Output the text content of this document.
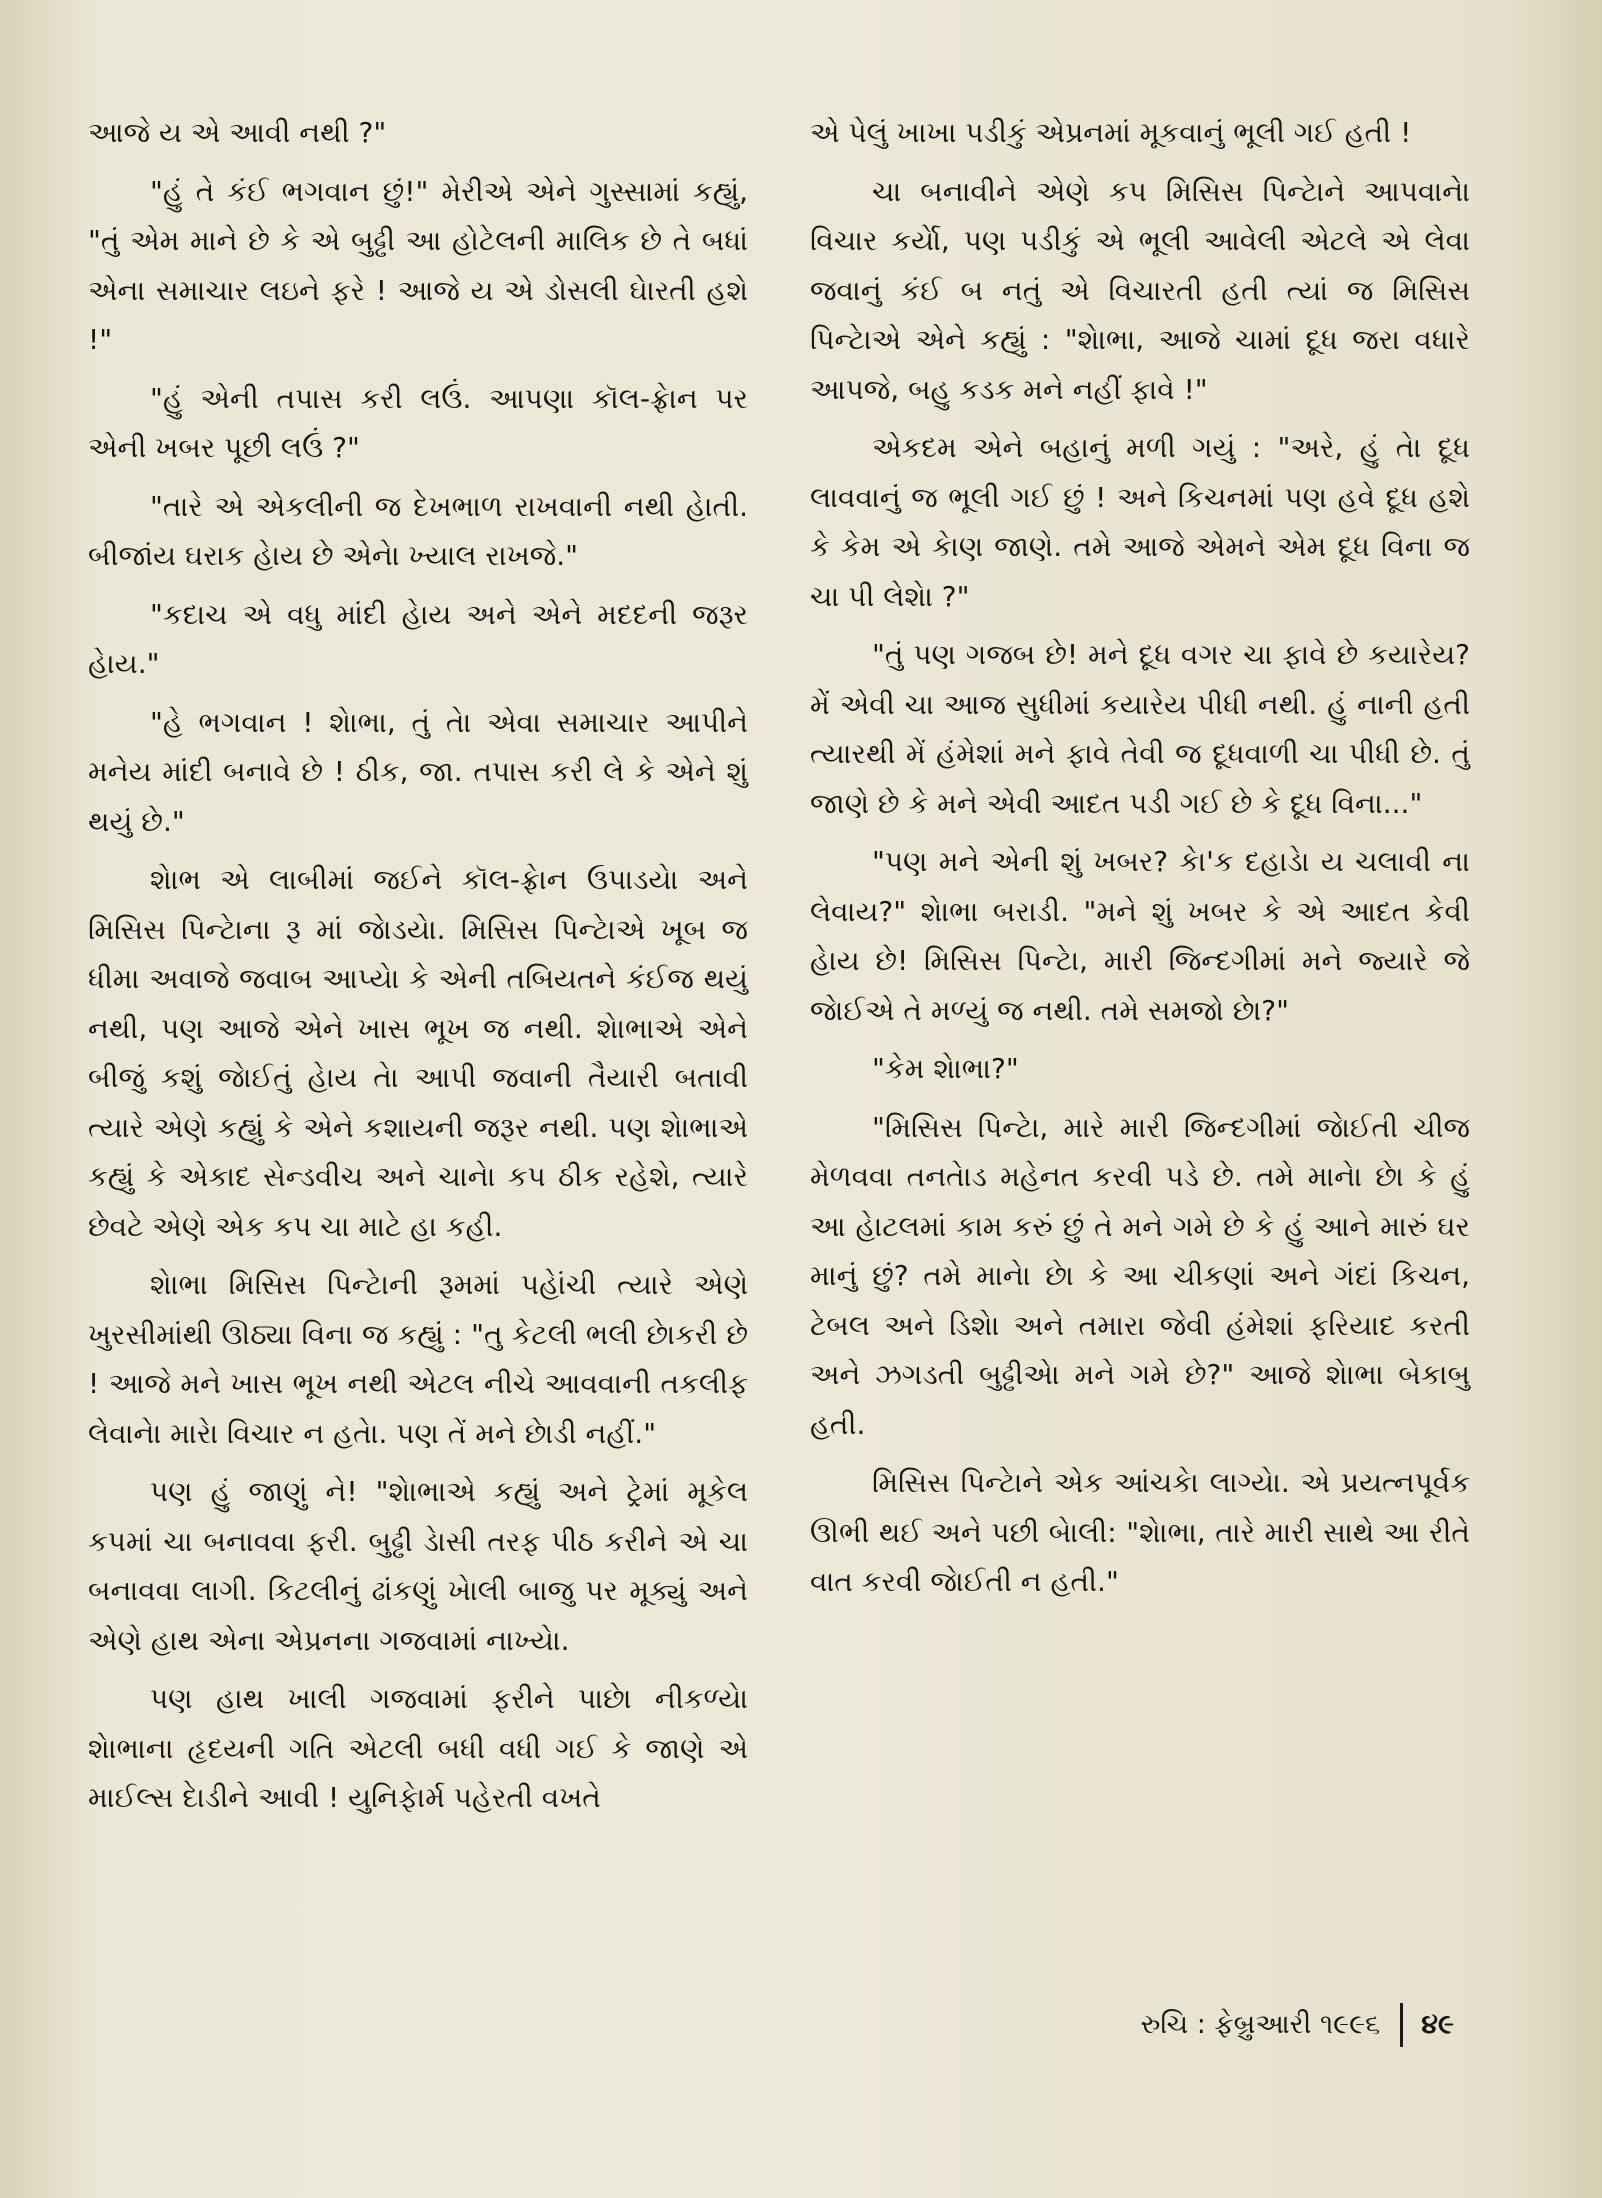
આજે ય એ આવી નથી ?"

"હું તે કંઈ ભગવાન છું!" મેરીએ એને ગુસ્સામાં કહ્યું, "તું એમ માને છે કે એ બુઢ્ઢી આ હોટેલની માલિક છે તે બધાં એના સમાચાર લઇને ફરે ! આજે ય એ ડોસલી ઘેારતી હશે !"

"હું એની તપાસ કરી લઉં. આપણા કૉલ-ફ્રેાન પર એની ખબર પૂછી લઉં ?"

"તારે એ એકલીની જ દેખભાળ રાખવાની નથી હેાતી. બીજાંય ઘરાક હેાય છે એનેા ખ્યાલ રાખજે."

"કદાચ એ વધુ માંદી હેાય અને એને મદદની જરૂર હેાય."

"હે ભગવાન ! શેાભા, તું તેા એવા સમાચાર આપીને મનેય માંદી બનાવે છે ! ઠીક, જા. તપાસ કરી લે કે એને શું થયું છે."

શેાભ એ લાબીમાં જઈને કૉલ-ફ્રેાન ઉપાડયેા અને મિસિસ પિન્ટેાના રૂ માં જેાડયેા. મિસિસ પિન્ટેાએ ખૂબ જ ધીમા અવાજે જવાબ આપ્યેા કે એની તબિયતને કંઈજ થયું નથી, પણ આજે એને ખાસ ભૂખ જ નથી. શેાભાએ એને બીજું કશું જેાઈતું હેાય તેા આપી જવાની તૈયારી બતાવી ત્યારે એણે કહ્યું કે એને કશાયની જરૂર નથી. પણ શેાભાએ કહ્યું કે એકાદ સેન્ડવીચ અને ચાનેા કપ ઠીક રહેશે, ત્યારે છેવટે એણે એક કપ ચા માટે હા કહી.

શેાભા મિસિસ પિન્ટેાની રૂમમાં પહેાંચી ત્યારે એણે ખુરસીમાંથી ઊઠ્યા વિના જ કહ્યું : "તુ કેટલી ભલી છેાકરી છે ! આજે મને ખાસ ભૂખ નથી એટલ નીચે આવવાની તકલીફ લેવાનેા મારેા વિચાર ન હતેા. પણ તેં મને છેાડી નહીં."

પણ હું જાણું ને! "શેાભાએ કહ્યું અને ટ્રેમાં મૂકેલ કપમાં ચા બનાવવા ફરી. બુઢ્ઢી ડેાસી તરફ પીઠ કરીને એ ચા બનાવવા લાગી. કિટલીનું ઢાંકણું ખેાલી બાજુ પર મૂક્યું અને એણે હાથ એના એપ્રનના ગજવામાં નાખ્યેા.

પણ હાથ ખાલી ગજવામાં ફરીને પાછેા નીકળ્યેા શેાભાના હૃદયની ગતિ એટલી બધી વધી ગઈ કે જાણે એ માઈલ્સ દેાડીને આવી ! યુનિફેાર્મ પહેરતી વખતે

એ પેલું ખાખા પડીકું એપ્રનમાં મૂકવાનું ભૂલી ગઈ હતી !

ચા બનાવીને એણે કપ મિસિસ પિન્ટેાને આપવાનેા વિચાર કર્યેા, પણ પડીકું એ ભૂલી આવેલી એટલે એ લેવા જવાનું કંઈ બ નતું એ વિચારતી હતી ત્યાં જ મિસિસ પિન્ટેાએ એને કહ્યું : "શેાભા, આજે ચામાં દૂધ જરા વધારે આપજે, બહુ કડક મને નહીં ફાવે !"

એકદમ એને બહાનું મળી ગયું : "અરે, હું તેા દૂધ લાવવાનું જ ભૂલી ગઈ છું ! અને કિચનમાં પણ હવે દૂધ હશે કે કેમ એ કેાણ જાણે. તમે આજે એમને એમ દૂધ વિના જ ચા પી લેશેા ?"

"તું પણ ગજબ છે! મને દૂધ વગર ચા ફાવે છે કયારેય? મેં એવી ચા આજ સુધીમાં કયારેય પીધી નથી. હું નાની હતી ત્યારથી મેં હંમેશાં મને ફાવે તેવી જ દૂધવાળી ચા પીધી છે. તું જાણે છે કે મને એવી આદત પડી ગઈ છે કે દૂધ વિના..."

"પણ મને એની શું ખબર? કેા'ક દહાડેા ય ચલાવી ના લેવાય?" શેાભા બરાડી. "મને શું ખબર કે એ આદત કેવી હેાય છે! મિસિસ પિન્ટેા, મારી જિન્દગીમાં મને જ્યારે જે જેાઈએ તે મળ્યું જ નથી. તમે સમજો છેા?"

"કેમ શેાભા?"

"મિસિસ પિન્ટેા, મારે મારી જિન્દગીમાં જેાઈતી ચીજ મેળવવા તનતેાડ મહેનત કરવી પડે છે. તમે માનેા છેા કે હું આ હેાટલમાં કામ કરું છું તે મને ગમે છે કે હું આને મારું ઘર માનું છું? તમે માનેા છેા કે આ ચીકણાં અને ગંદાં કિચન, ટેબલ અને ડિશેા અને તમારા જેવી હંમેશાં ફરિયાદ કરતી અને ઝગડતી બુઢ્ઢીએા મને ગમે છે?" આજે શેાભા બેકાબુ હતી.

મિસિસ પિન્ટેાને એક આંચકેા લાગ્યેા. એ પ્રયત્નપૂર્વક ઊભી થઈ અને પછી બેાલી: "શેાભા, તારે મારી સાથે આ રીતે વાત કરવી જેાઈતી ન હતી."

રુચિ : ફેબ્રુઆરી ૧૯૯૬ ૪૯
